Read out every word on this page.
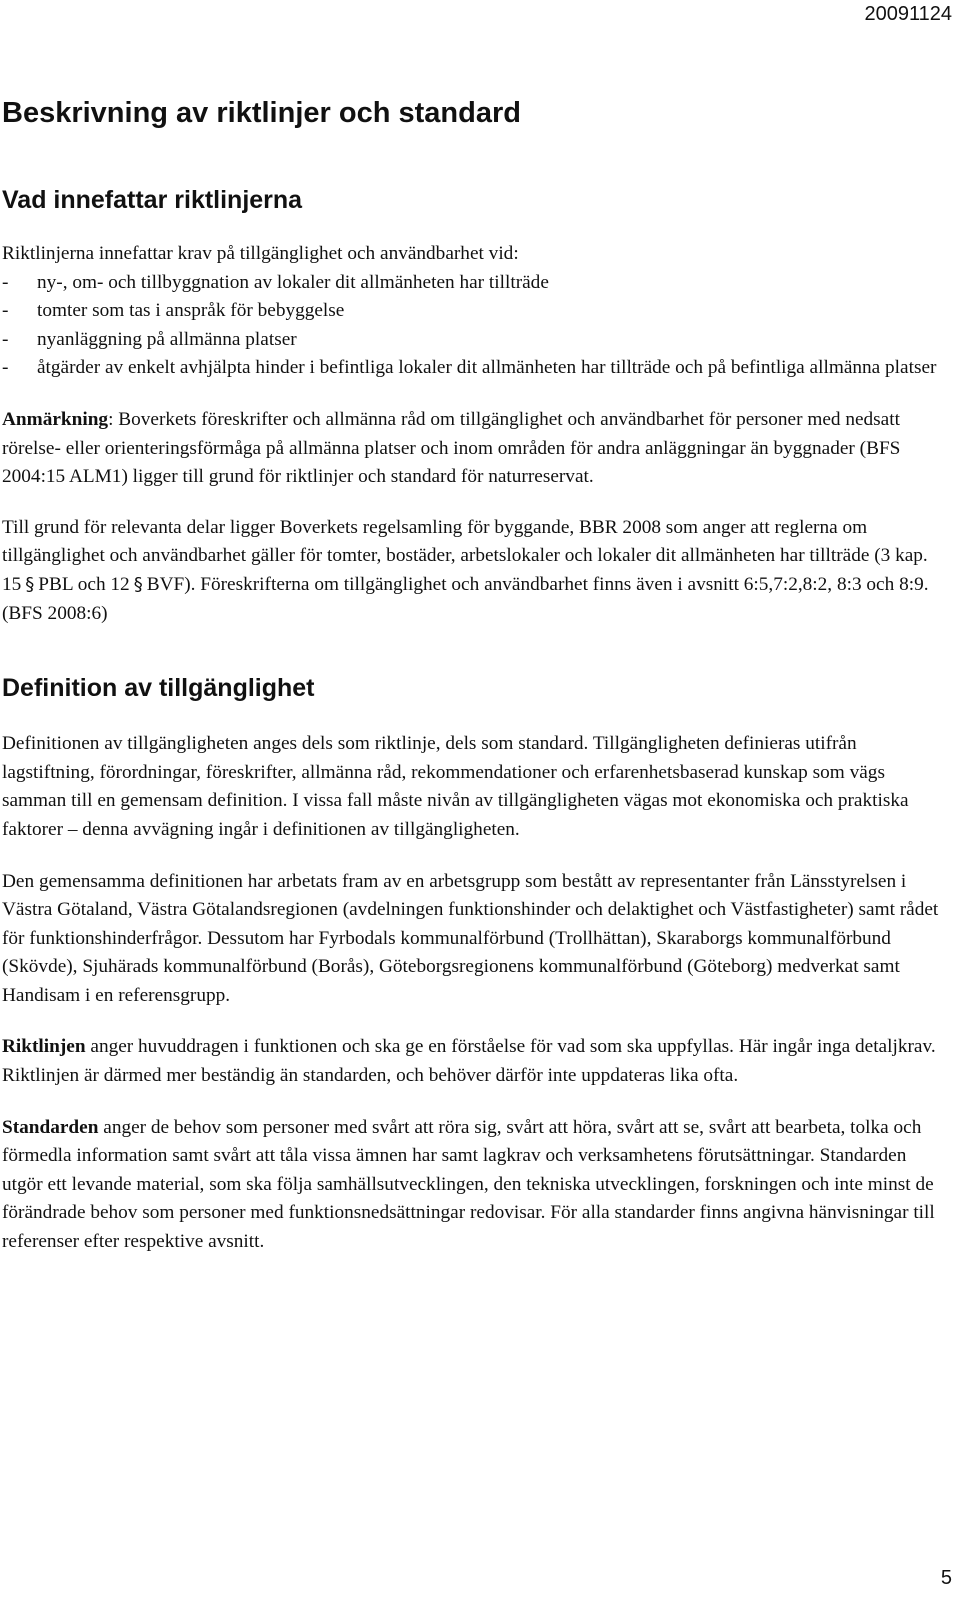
20091124
Beskrivning av riktlinjer och standard
Vad innefattar riktlinjerna

Riktlinjerna innefattar krav på tillgänglighet och användbarhet vid:

- ny-, om- och tillbyggnation av lokaler dit allmänheten har tillträde
- tomter som tas i anspråk för bebyggelse
- nyanläggning på allmänna platser
- åtgärder av enkelt avhjälpta hinder i befintliga lokaler dit allmänheten har tillträde och på befintliga allmänna platser

Anmärkning: Boverkets föreskrifter och allmänna råd om tillgänglighet och användbarhet för personer med nedsatt rörelse- eller orienteringsförmåga på allmänna platser och inom områden för andra anläggningar än byggnader (BFS 2004:15 ALM1) ligger till grund för riktlinjer och standard för naturreservat.

Till grund för relevanta delar ligger Boverkets regelsamling för byggande, BBR 2008 som anger att reglerna om tillgänglighet och användbarhet gäller för tomter, bostäder, arbetslokaler och lokaler dit allmänheten har tillträde (3 kap. 15 § PBL och 12 § BVF). Föreskrifterna om tillgänglighet och användbarhet finns även i avsnitt 6:5,7:2,8:2, 8:3 och 8:9. (BFS 2008:6)

Definition av tillgänglighet

Definitionen av tillgängligheten anges dels som riktlinje, dels som standard. Tillgängligheten definieras utifrån lagstiftning, förordningar, föreskrifter, allmänna råd, rekommendationer och erfarenhetsbaserad kunskap som vägs samman till en gemensam definition. I vissa fall måste nivån av tillgängligheten vägas mot ekonomiska och praktiska faktorer – denna avvägning ingår i definitionen av tillgängligheten.

Den gemensamma definitionen har arbetats fram av en arbetsgrupp som bestått av representanter från Länsstyrelsen i Västra Götaland, Västra Götalandsregionen (avdelningen funktionshinder och delaktighet och Västfastigheter) samt rådet för funktionshinderfrågor. Dessutom har Fyrbodals kommunalförbund (Trollhättan), Skaraborgs kommunalförbund (Skövde), Sjuhärads kommunalförbund (Borås), Göteborgsregionens kommunalförbund (Göteborg) medverkat samt Handisam i en referensgrupp.

Riktlinjen anger huvuddragen i funktionen och ska ge en förståelse för vad som ska uppfyllas. Här ingår inga detaljkrav. Riktlinjen är därmed mer beständig än standarden, och behöver därför inte uppdateras lika ofta.

Standarden anger de behov som personer med svårt att röra sig, svårt att höra, svårt att se, svårt att bearbeta, tolka och förmedla information samt svårt att tåla vissa ämnen har samt lagkrav och verksamhetens förutsättningar. Standarden utgör ett levande material, som ska följa samhällsutvecklingen, den tekniska utvecklingen, forskningen och inte minst de förändrade behov som personer med funktionsnedsättningar redovisar. För alla standarder finns angivna hänvisningar till referenser efter respektive avsnitt.

5
